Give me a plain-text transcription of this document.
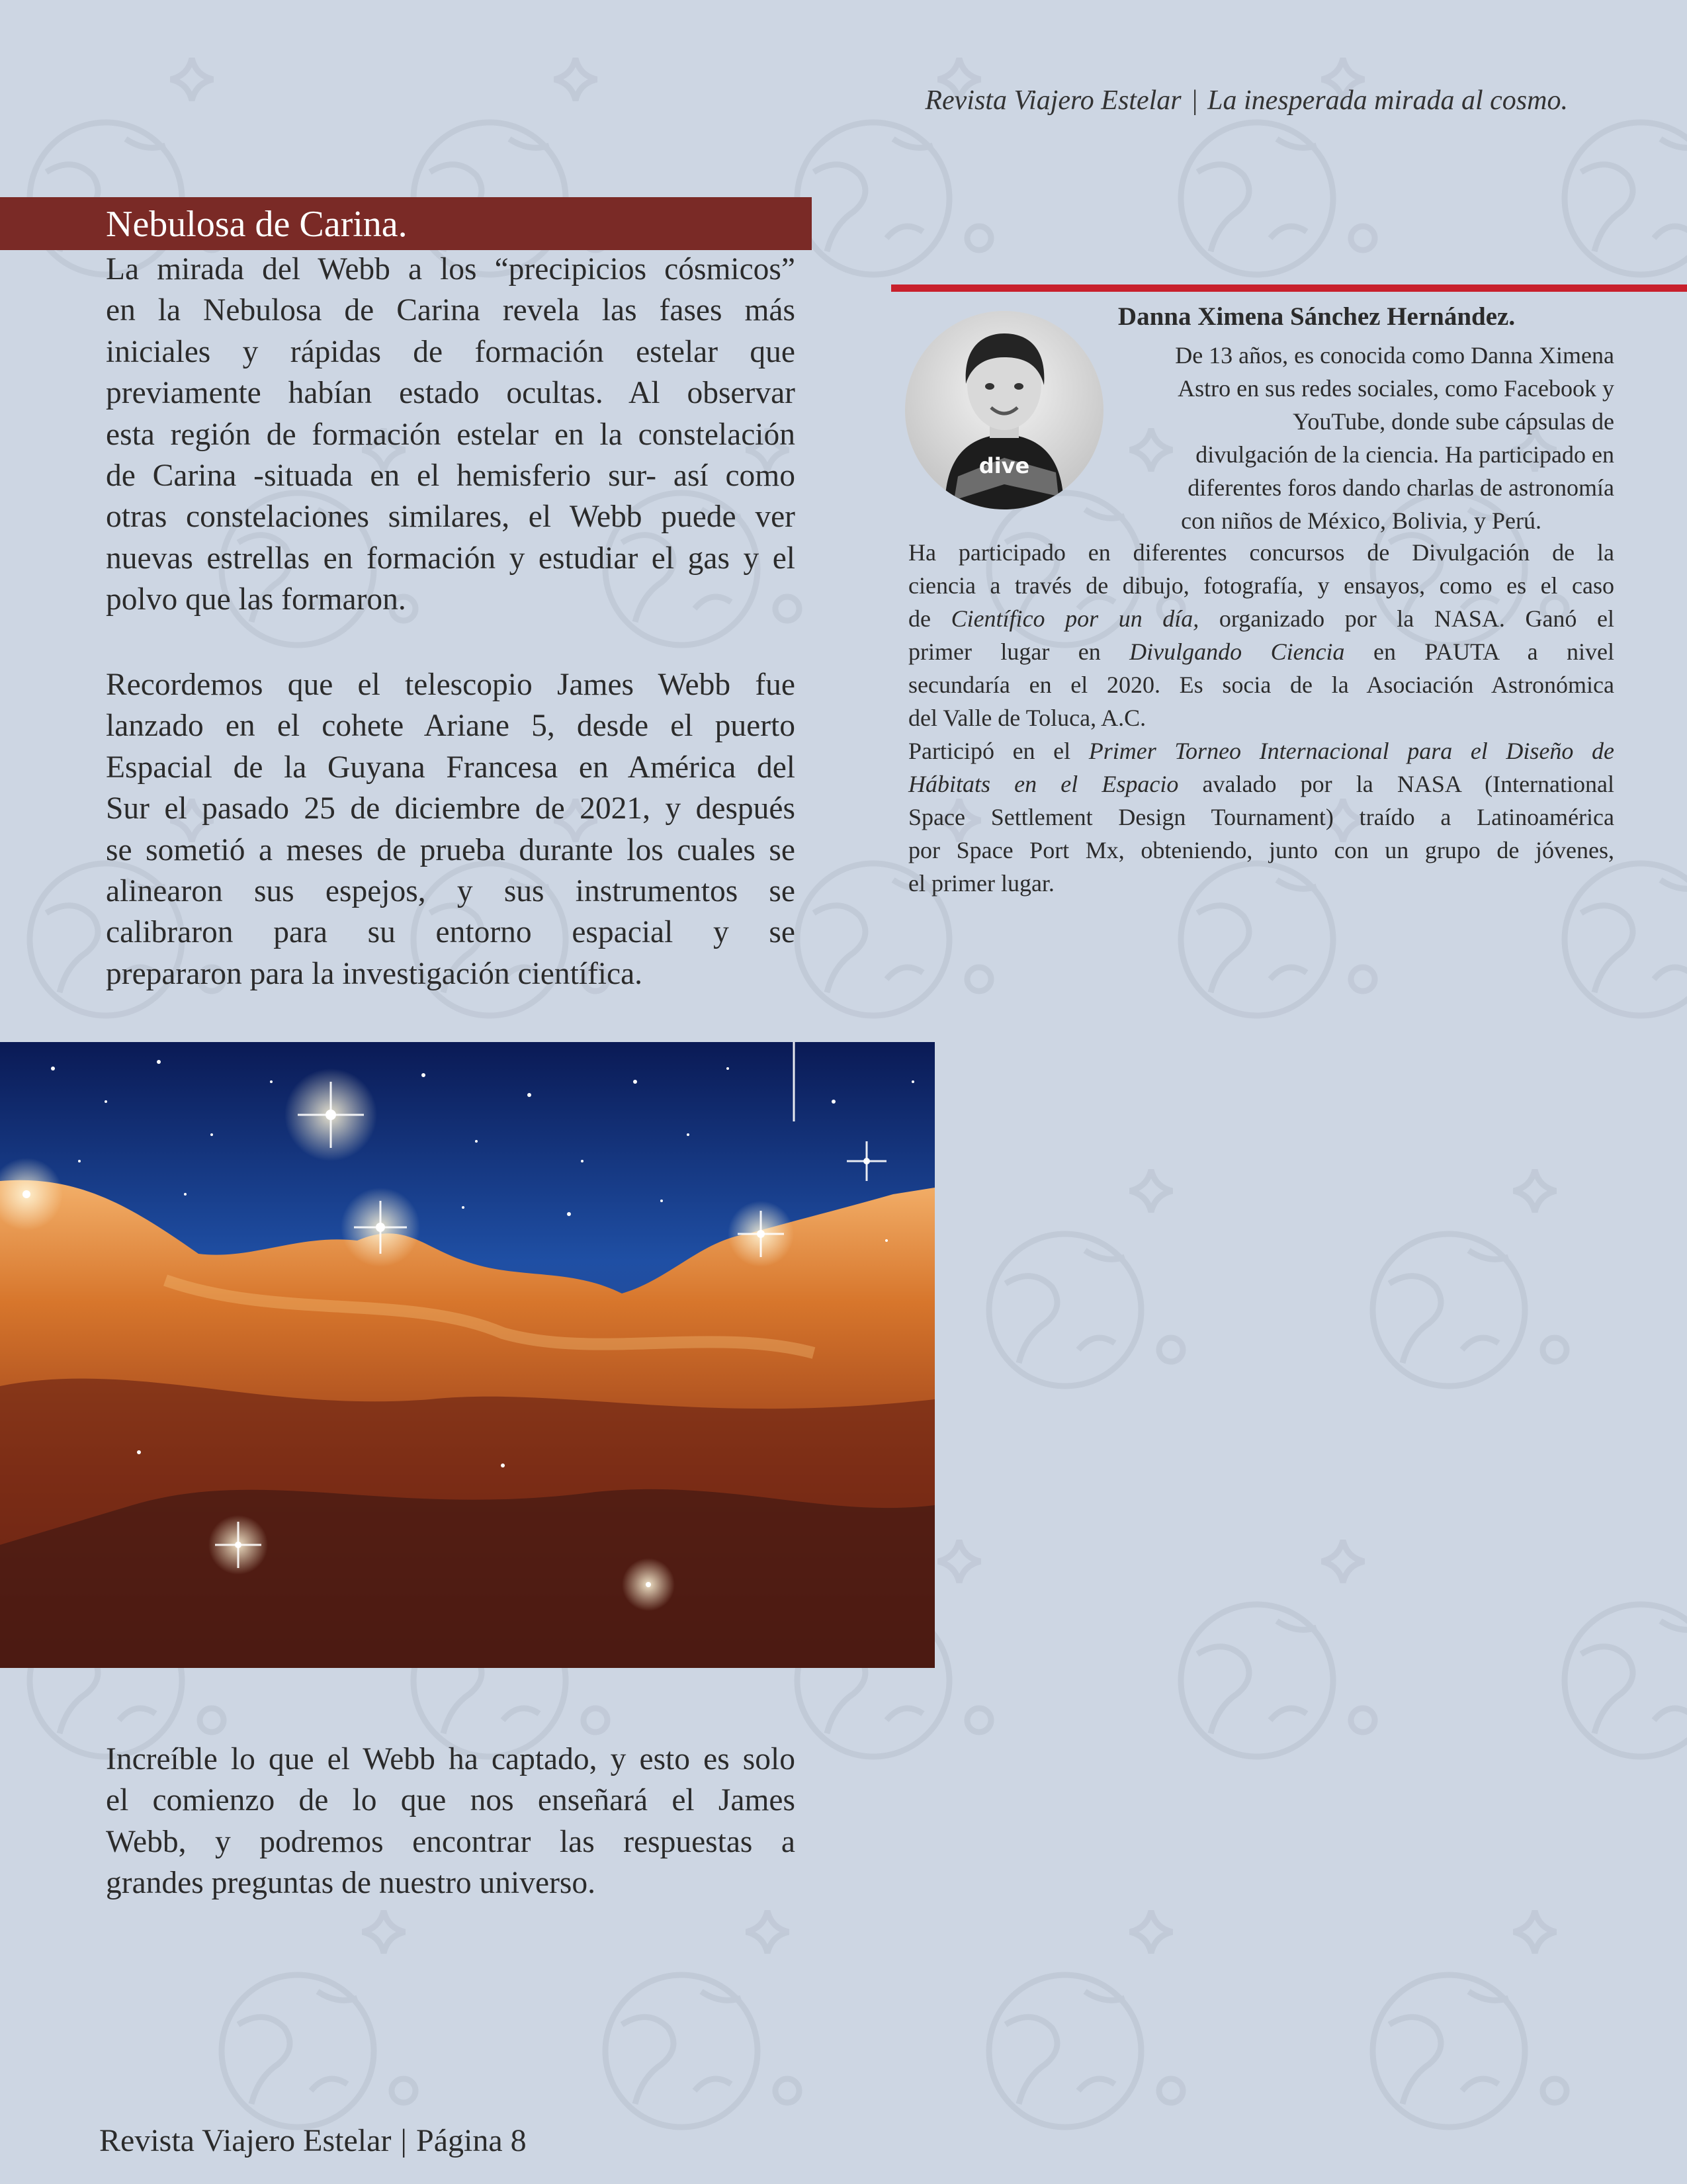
Revista Viajero Estelar | La inesperada mirada al cosmo.
Nebulosa de Carina.
La mirada del Webb a los “precipicios cósmicos”
en la Nebulosa de Carina revela las fases más
iniciales y rápidas de formación estelar que
previamente habían estado ocultas. Al observar
esta región de formación estelar en la constelación
de Carina -situada en el hemisferio sur- así como
otras constelaciones similares, el Webb puede ver
nuevas estrellas en formación y estudiar el gas y el
polvo que las formaron.
Recordemos que el telescopio James Webb fue
lanzado en el cohete Ariane 5, desde el puerto
Espacial de la Guyana Francesa en América del
Sur el pasado 25 de diciembre de 2021, y después
se sometió a meses de prueba durante los cuales se
alinearon sus espejos, y sus instrumentos se
calibraron para su entorno espacial y se
prepararon para la investigación científica.
dive
Danna Ximena Sánchez Hernández.
De 13 años, es conocida como Danna Ximena
Astro en sus redes sociales, como Facebook y
YouTube, donde sube cápsulas de
divulgación de la ciencia. Ha participado en
diferentes foros dando charlas de astronomía
con niños de México, Bolivia, y Perú.
Ha participado en diferentes concursos de Divulgación de la
ciencia a través de dibujo, fotografía, y ensayos, como es el caso
de Científico por un día, organizado por la NASA. Ganó el
primer lugar en Divulgando Ciencia en PAUTA a nivel
secundaría en el 2020. Es socia de la Asociación Astronómica
del Valle de Toluca, A.C.
Participó en el Primer Torneo Internacional para el Diseño de
Hábitats en el Espacio avalado por la NASA (International
Space Settlement Design Tournament) traído a Latinoamérica
por Space Port Mx, obteniendo, junto con un grupo de jóvenes,
el primer lugar.
Increíble lo que el Webb ha captado, y esto es solo
el comienzo de lo que nos enseñará el James
Webb, y podremos encontrar las respuestas a
grandes preguntas de nuestro universo.
Revista Viajero Estelar | Página 8
